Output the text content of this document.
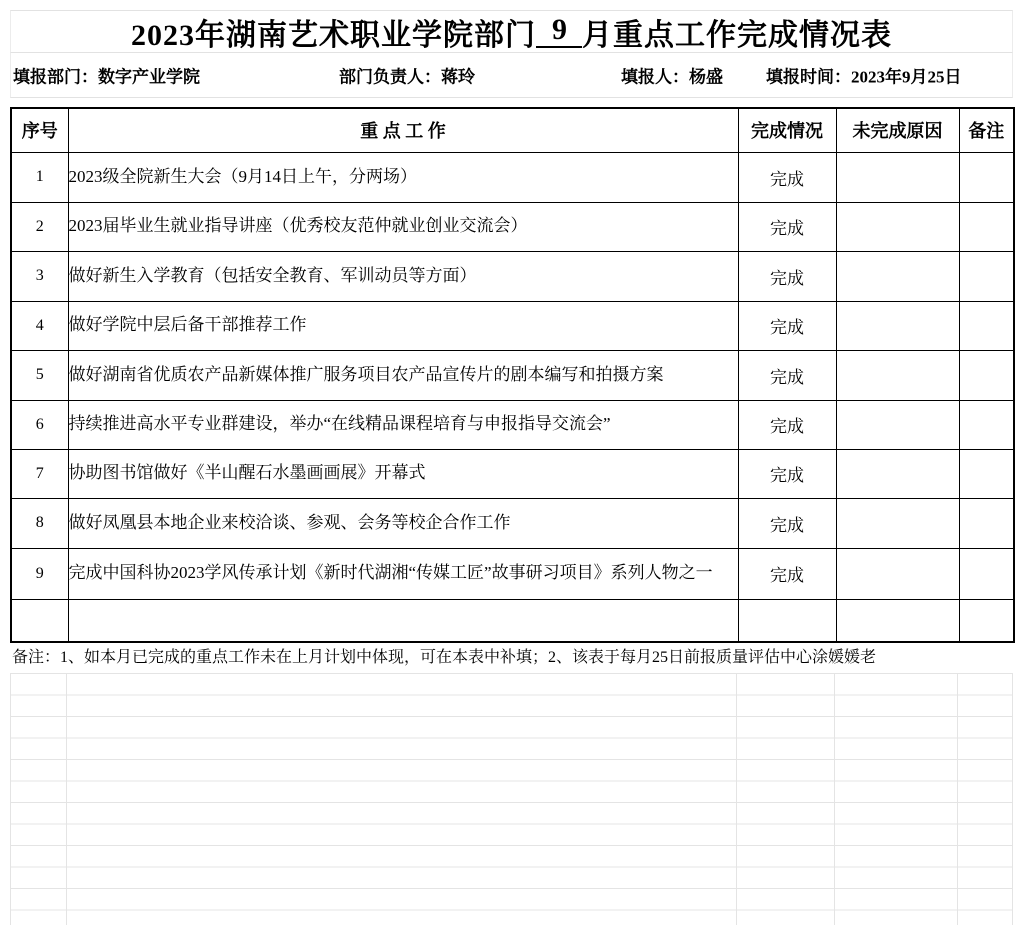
2023年湖南艺术职业学院部门 9 月重点工作完成情况表
填报部门：数字产业学院	部门负责人：蒋玲	填报人：杨盛	填报时间：2023年9月25日
序号	重 点 工 作	完成情况	未完成原因	备注
1	2023级全院新生大会（9月14日上午，分两场）	完成		
2	2023届毕业生就业指导讲座（优秀校友范仲就业创业交流会）	完成		
3	做好新生入学教育（包括安全教育、军训动员等方面）	完成		
4	做好学院中层后备干部推荐工作	完成		
5	做好湖南省优质农产品新媒体推广服务项目农产品宣传片的剧本编写和拍摄方案	完成		
6	持续推进高水平专业群建设，举办“在线精品课程培育与申报指导交流会”	完成		
7	协助图书馆做好《半山醒石水墨画画展》开幕式	完成		
8	做好凤凰县本地企业来校洽谈、参观、会务等校企合作工作	完成		
9	完成中国科协2023学风传承计划《新时代湖湘“传媒工匠”故事研习项目》系列人物之一	完成		

备注：1、如本月已完成的重点工作未在上月计划中体现，可在本表中补填；2、该表于每月25日前报质量评估中心涂媛媛老
